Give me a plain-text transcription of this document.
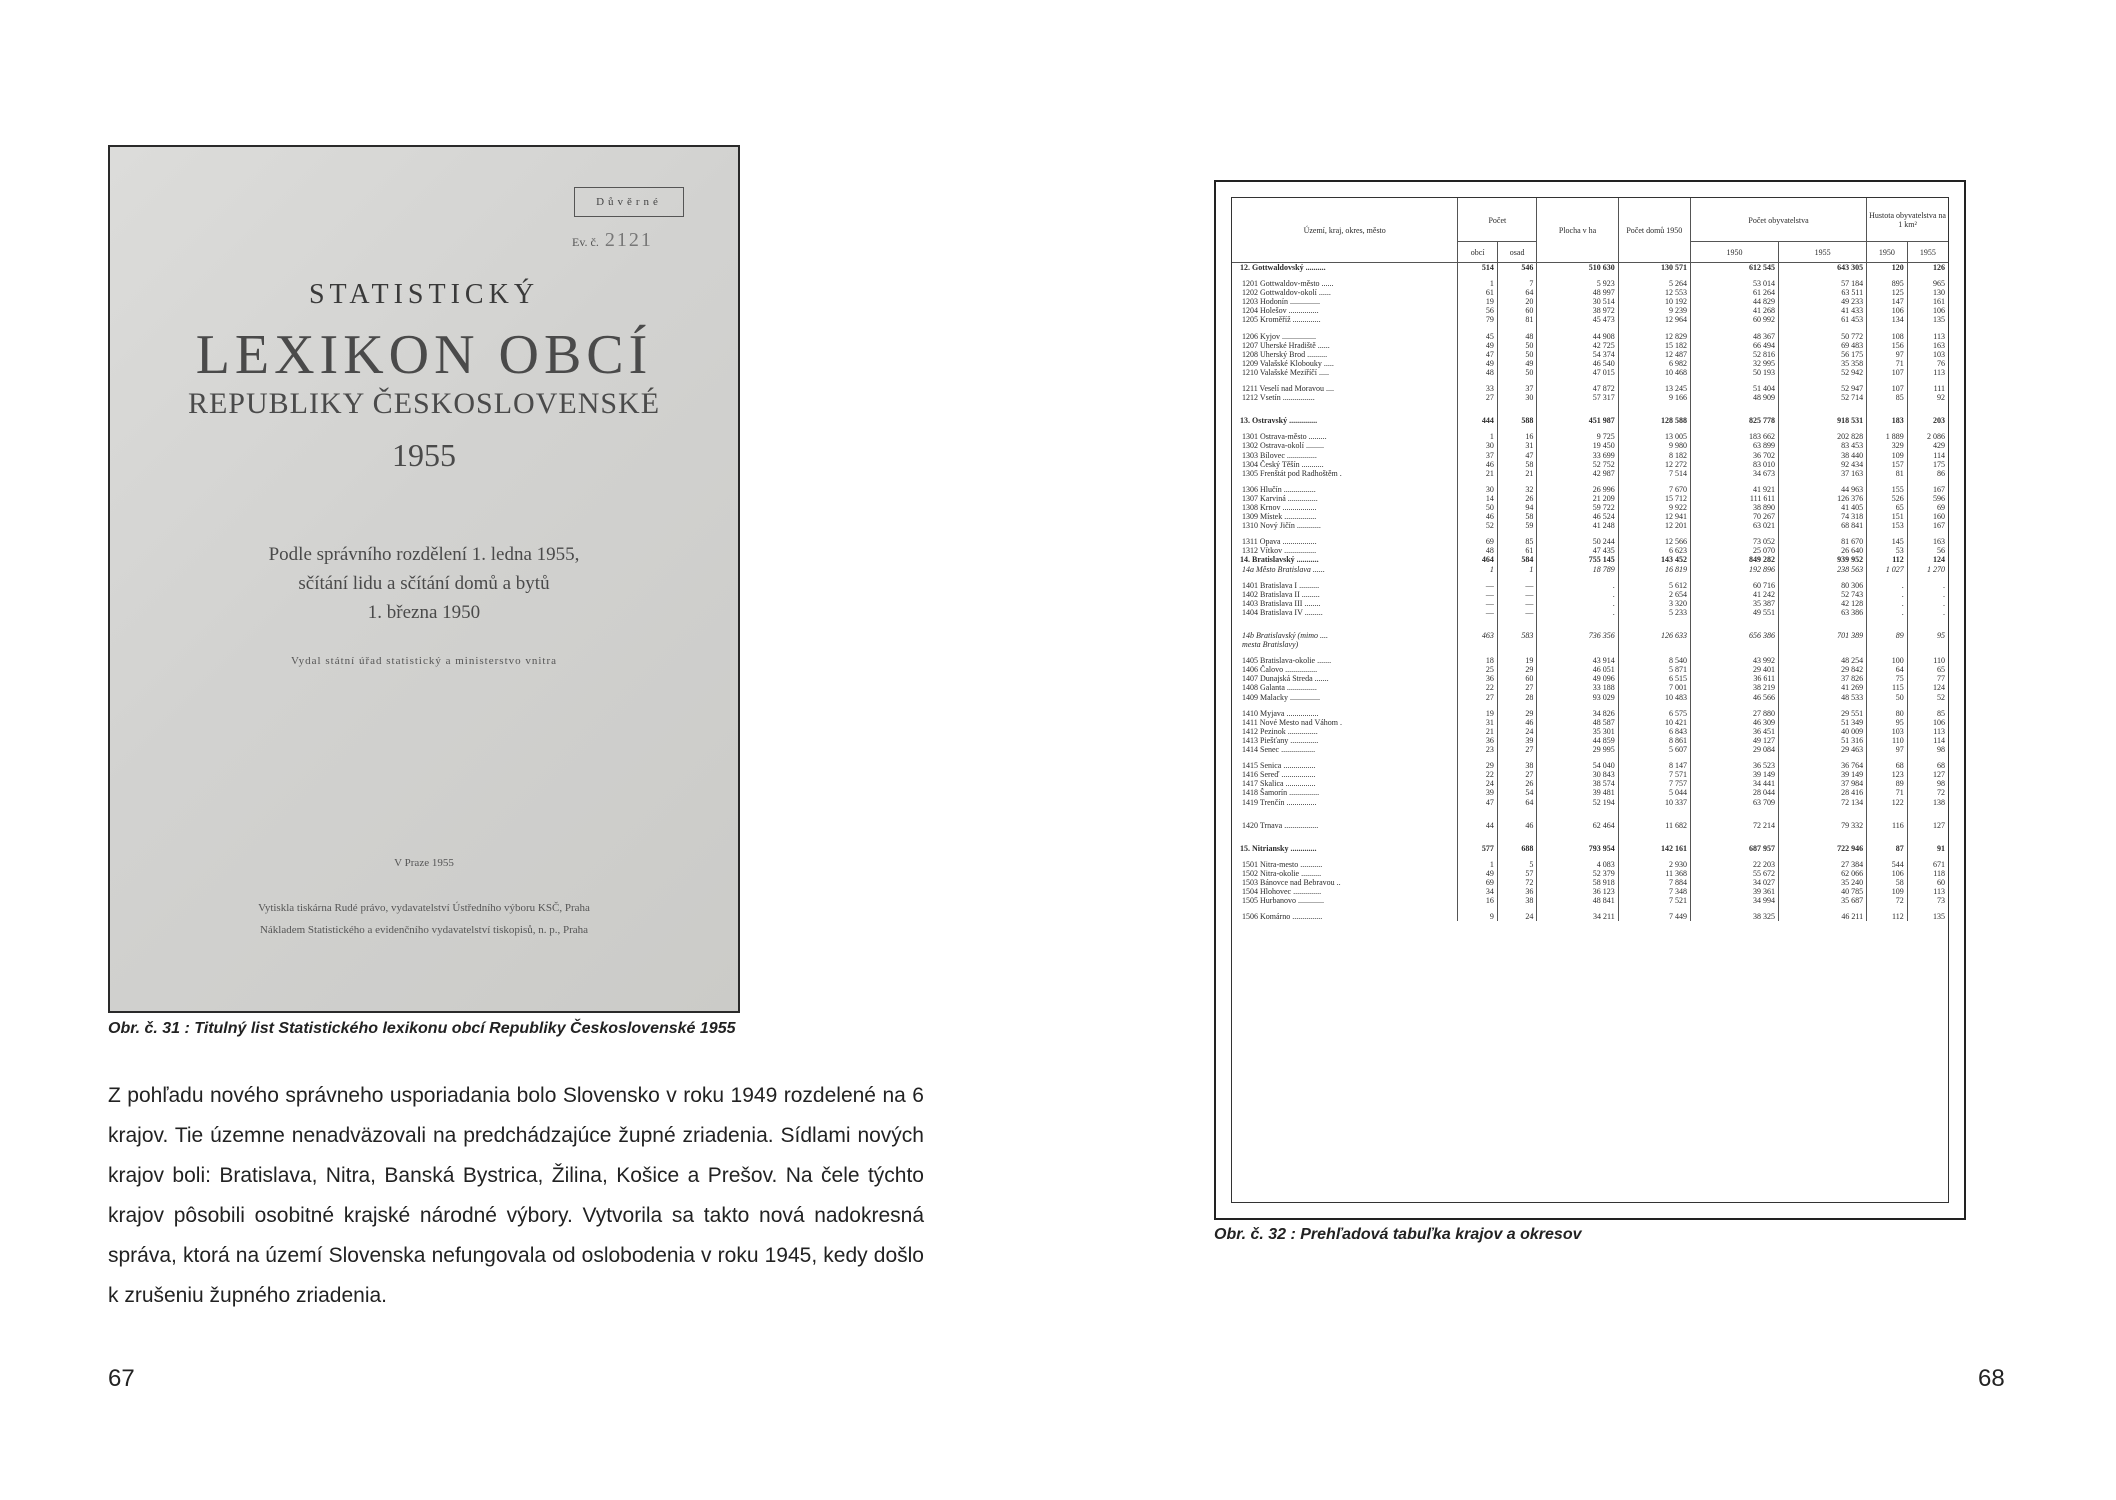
Důvěrné
Ev. č. 2121
STATISTICKÝ
LEXIKON OBCÍ
REPUBLIKY ČESKOSLOVENSKÉ
1955
Podle správního rozdělení 1. ledna 1955,
sčítání lidu a sčítání domů a bytů
1. března 1950
Vydal státní úřad statistický a ministerstvo vnitra
V Praze 1955
Vytiskla tiskárna Rudé právo, vydavatelství Ústředního výboru KSČ, Praha
Nákladem Statistického a evidenčního vydavatelství tiskopisů, n. p., Praha
Obr. č. 31 : Titulný list Statistického lexikonu obcí Republiky Československé 1955
Z pohľadu nového správneho usporiadania bolo Slovensko v roku 1949 rozdelené na 6 krajov. Tie územne nenadväzovali na predchádzajúce župné zriadenia. Sídlami nových krajov boli: Bratislava, Nitra, Banská Bystrica, Žilina, Košice a Prešov. Na čele týchto krajov pôsobili osobitné krajské národné výbory. Vytvorila sa takto nová nadokresná správa, ktorá na území Slovenska nefungovala od oslobodenia v roku 1945, kedy došlo k zrušeniu župného zriadenia.
67
Území, kraj, okres, město	Počet		Plocha v ha	Počet domů 1950	Počet obyvatelstva		Hustota obyvatelstva na 1 km²	
	obcí	osad			1950	1955	1950	1955
12. Gottwaldovský ..........	514	546	510 630	130 571	612 545	643 305	120	126

1201 Gottwaldov-město ......	1	7	5 923	5 264	53 014	57 184	895	965
1202 Gottwaldov-okolí ......	61	64	48 997	12 553	61 264	63 511	125	130
1203 Hodonín ...............	19	20	30 514	10 192	44 829	49 233	147	161
1204 Holešov ...............	56	60	38 972	9 239	41 268	41 433	106	106
1205 Kroměříž ..............	79	81	45 473	12 964	60 992	61 453	134	135

1206 Kyjov .................	45	48	44 908	12 829	48 367	50 772	108	113
1207 Uherské Hradiště ......	49	50	42 725	15 182	66 494	69 483	156	163
1208 Uherský Brod ..........	47	50	54 374	12 487	52 816	56 175	97	103
1209 Valašské Klobouky .....	49	49	46 540	6 982	32 995	35 358	71	76
1210 Valašské Meziříčí .....	48	50	47 015	10 468	50 193	52 942	107	113

1211 Veselí nad Moravou ....	33	37	47 872	13 245	51 404	52 947	107	111
1212 Vsetín ................	27	30	57 317	9 166	48 909	52 714	85	92

13. Ostravský ..............	444	588	451 987	128 588	825 778	918 531	183	203

1301 Ostrava-město .........	1	16	9 725	13 005	183 662	202 828	1 889	2 086
1302 Ostrava-okolí .........	30	31	19 450	9 980	63 899	83 453	329	429
1303 Bílovec ...............	37	47	33 699	8 182	36 702	38 440	109	114
1304 Český Těšín ...........	46	58	52 752	12 272	83 010	92 434	157	175
1305 Frenštát pod Radhoštěm .	21	21	42 987	7 514	34 673	37 163	81	86

1306 Hlučín ................	30	32	26 996	7 670	41 921	44 963	155	167
1307 Karviná ...............	14	26	21 209	15 712	111 611	126 376	526	596
1308 Krnov .................	50	94	59 722	9 922	38 890	41 405	65	69
1309 Místek ................	46	58	46 524	12 941	70 267	74 318	151	160
1310 Nový Jičín ............	52	59	41 248	12 201	63 021	68 841	153	167

1311 Opava .................	69	85	50 244	12 566	73 052	81 670	145	163
1312 Vítkov ................	48	61	47 435	6 623	25 070	26 640	53	56
14. Bratislavský ...........	464	584	755 145	143 452	849 282	939 952	112	124
14a Město Bratislava ......	1	1	18 789	16 819	192 896	238 563	1 027	1 270

1401 Bratislava I ..........	—	—	.	5 612	60 716	80 306	.	.
1402 Bratislava II .........	—	—	.	2 654	41 242	52 743	.	.
1403 Bratislava III ........	—	—	.	3 320	35 387	42 128	.	.
1404 Bratislava IV .........	—	—	.	5 233	49 551	63 386	.	.

14b Bratislavský (mimo ....	463	583	736 356	126 633	656 386	701 389	89	95
mesta Bratislavy)								

1405 Bratislava-okolie .......	18	19	43 914	8 540	43 992	48 254	100	110
1406 Čalovo ................	25	29	46 051	5 871	29 401	29 842	64	65
1407 Dunajská Streda .......	36	60	49 096	6 515	36 611	37 826	75	77
1408 Galanta ...............	22	27	33 188	7 001	38 219	41 269	115	124
1409 Malacky ...............	27	28	93 029	10 483	46 566	48 533	50	52

1410 Myjava ................	19	29	34 826	6 575	27 880	29 551	80	85
1411 Nové Mesto nad Váhom .	31	46	48 587	10 421	46 309	51 349	95	106
1412 Pezinok ...............	21	24	35 301	6 843	36 451	40 009	103	113
1413 Piešťany ..............	36	39	44 859	8 861	49 127	51 316	110	114
1414 Senec .................	23	27	29 995	5 607	29 084	29 463	97	98

1415 Senica ................	29	38	54 040	8 147	36 523	36 764	68	68
1416 Sereď .................	22	27	30 843	7 571	39 149	39 149	123	127
1417 Skalica ...............	24	26	38 574	7 757	34 441	37 984	89	98
1418 Šamorín ...............	39	54	39 481	5 044	28 044	28 416	71	72
1419 Trenčín ...............	47	64	52 194	10 337	63 709	72 134	122	138

1420 Trnava .................	44	46	62 464	11 682	72 214	79 332	116	127

15. Nitriansky .............	577	688	793 954	142 161	687 957	722 946	87	91

1501 Nitra-mesto ...........	1	5	4 083	2 930	22 203	27 384	544	671
1502 Nitra-okolie ..........	49	57	52 379	11 368	55 672	62 066	106	118
1503 Bánovce nad Bebravou ..	69	72	58 918	7 884	34 027	35 240	58	60
1504 Hlohovec ..............	34	36	36 123	7 348	39 361	40 785	109	113
1505 Hurbanovo .............	16	38	48 841	7 521	34 994	35 687	72	73

1506 Komárno ...............	9	24	34 211	7 449	38 325	46 211	112	135
Obr. č. 32 : Prehľadová tabuľka krajov a okresov
68
